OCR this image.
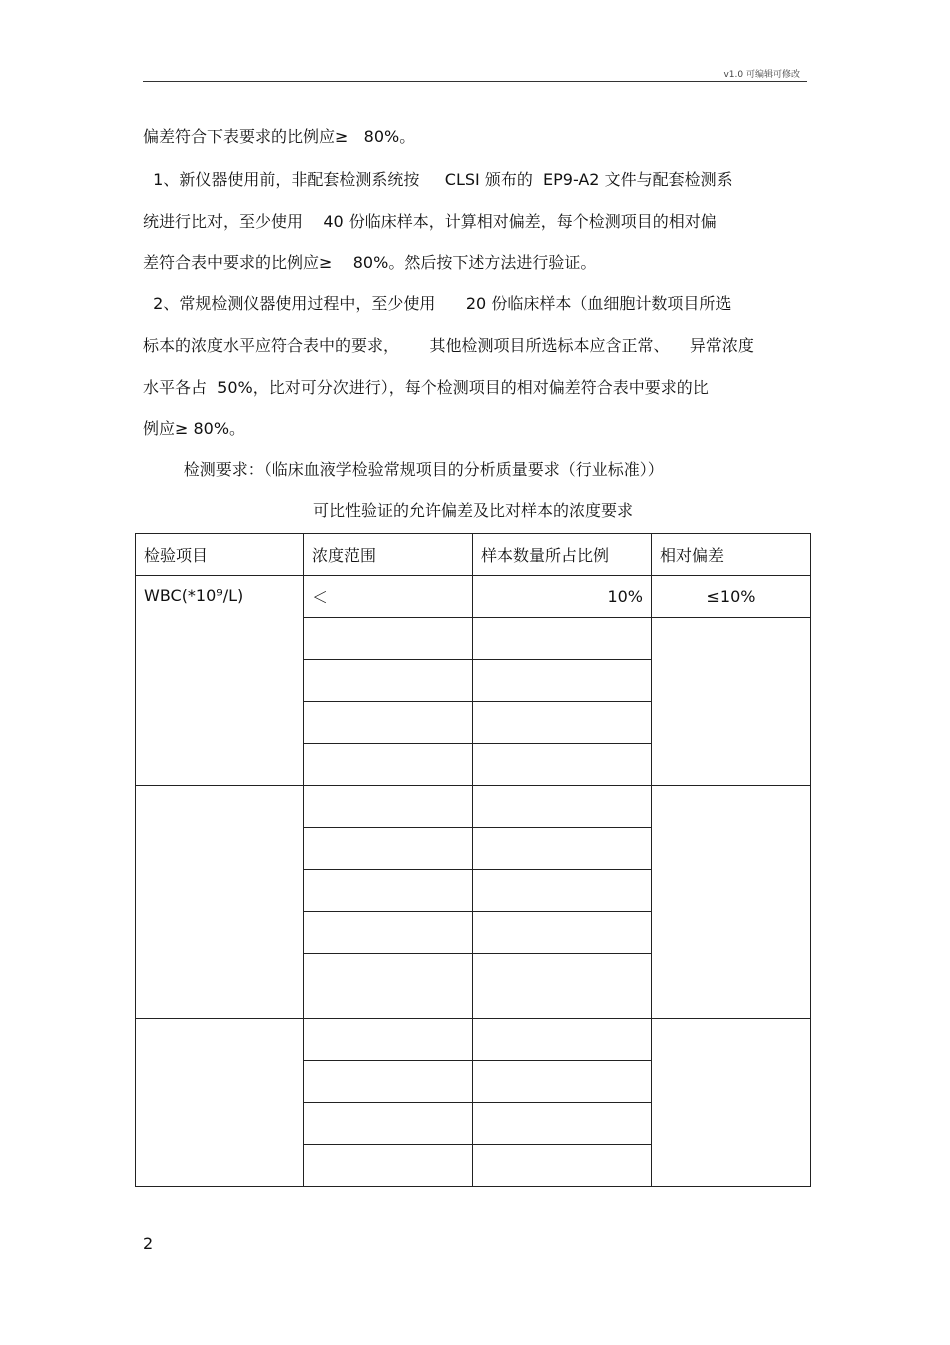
v1.0 可编辑可修改
偏差符合下表要求的比例应≥   80%。
1、新仪器使用前，非配套检测系统按     CLSI 颁布的  EP9-A2 文件与配套检测系
统进行比对，至少使用    40 份临床样本，计算相对偏差，每个检测项目的相对偏
差符合表中要求的比例应≥    80%。然后按下述方法进行验证。
2、常规检测仪器使用过程中，至少使用      20 份临床样本（血细胞计数项目所选
标本的浓度水平应符合表中的要求，      其他检测项目所选标本应含正常、    异常浓度
水平各占  50%，比对可分次进行），每个检测项目的相对偏差符合表中要求的比
例应≥ 80%。
检测要求：（临床血液学检验常规项目的分析质量要求（行业标准））
可比性验证的允许偏差及比对样本的浓度要求
检验项目	浓度范围	样本数量所占比例	相对偏差
WBC(*10⁹/L)	＜	10%	≤10%

2
